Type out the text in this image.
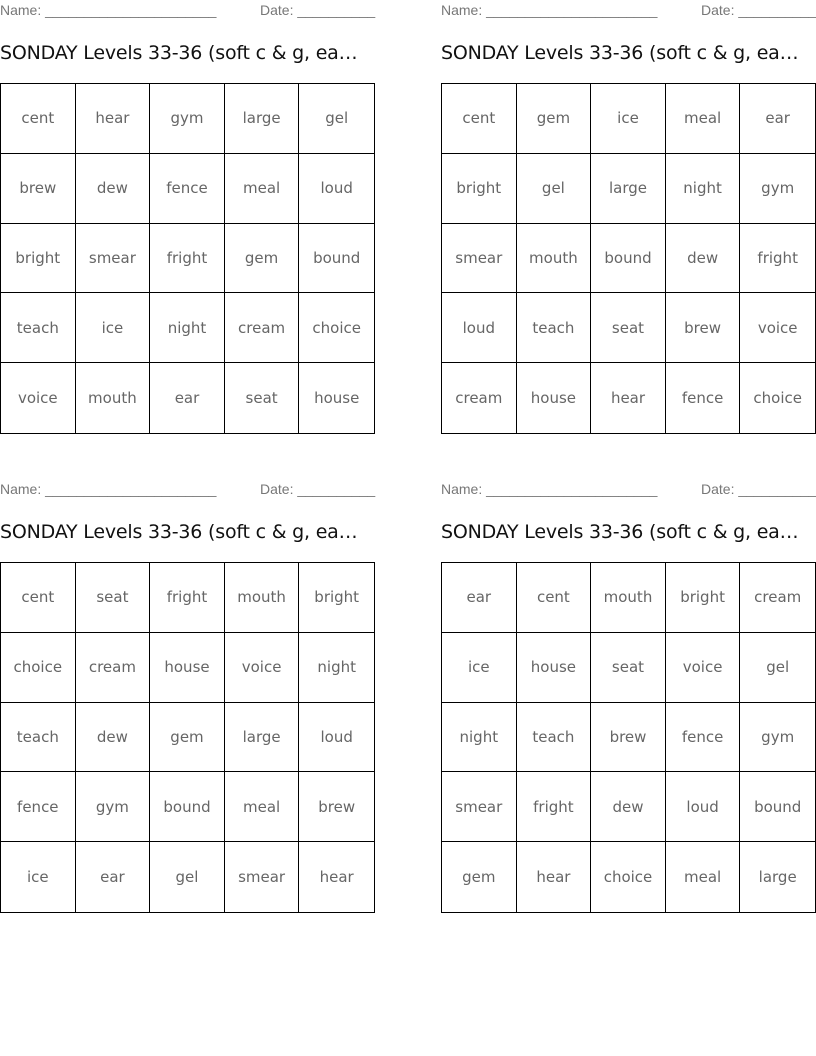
Name: ______________________	Date: __________
SONDAY Levels 33-36 (soft c & g, ea…
cent	hear	gym	large	gel
brew	dew	fence	meal	loud
bright	smear	fright	gem	bound
teach	ice	night	cream	choice
voice	mouth	ear	seat	house
Name: ______________________	Date: __________
SONDAY Levels 33-36 (soft c & g, ea…
cent	gem	ice	meal	ear
bright	gel	large	night	gym
smear	mouth	bound	dew	fright
loud	teach	seat	brew	voice
cream	house	hear	fence	choice
Name: ______________________	Date: __________
SONDAY Levels 33-36 (soft c & g, ea…
cent	seat	fright	mouth	bright
choice	cream	house	voice	night
teach	dew	gem	large	loud
fence	gym	bound	meal	brew
ice	ear	gel	smear	hear
Name: ______________________	Date: __________
SONDAY Levels 33-36 (soft c & g, ea…
ear	cent	mouth	bright	cream
ice	house	seat	voice	gel
night	teach	brew	fence	gym
smear	fright	dew	loud	bound
gem	hear	choice	meal	large
